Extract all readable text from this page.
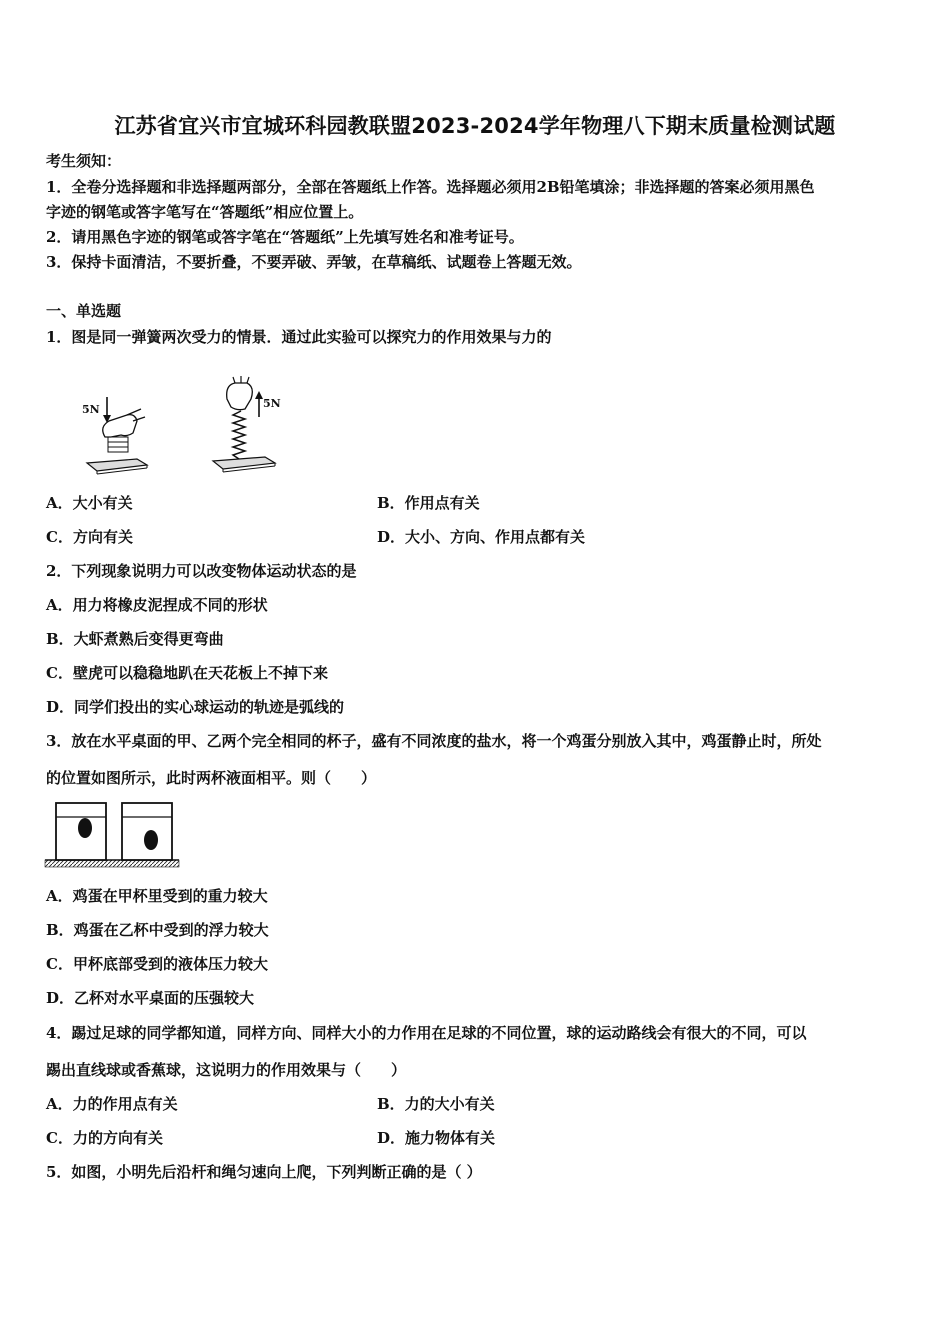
江苏省宜兴市宜城环科园教联盟2023-2024学年物理八下期末质量检测试题
考生须知：
1．全卷分选择题和非选择题两部分，全部在答题纸上作答。选择题必须用2B铅笔填涂；非选择题的答案必须用黑色
字迹的钢笔或答字笔写在“答题纸”相应位置上。
2．请用黑色字迹的钢笔或答字笔在“答题纸”上先填写姓名和准考证号。
3．保持卡面清洁，不要折叠，不要弄破、弄皱，在草稿纸、试题卷上答题无效。
一、单选题
1．图是同一弹簧两次受力的情景．通过此实验可以探究力的作用效果与力的
5N	5N
A．大小有关	B．作用点有关
C．方向有关	D．大小、方向、作用点都有关
2．下列现象说明力可以改变物体运动状态的是
A．用力将橡皮泥捏成不同的形状
B．大虾煮熟后变得更弯曲
C．壁虎可以稳稳地趴在天花板上不掉下来
D．同学们投出的实心球运动的轨迹是弧线的
3．放在水平桌面的甲、乙两个完全相同的杯子，盛有不同浓度的盐水，将一个鸡蛋分别放入其中，鸡蛋静止时，所处
的位置如图所示，此时两杯液面相平。则（　　）
A．鸡蛋在甲杯里受到的重力较大
B．鸡蛋在乙杯中受到的浮力较大
C．甲杯底部受到的液体压力较大
D．乙杯对水平桌面的压强较大
4．踢过足球的同学都知道，同样方向、同样大小的力作用在足球的不同位置，球的运动路线会有很大的不同，可以
踢出直线球或香蕉球，这说明力的作用效果与（　　）
A．力的作用点有关	B．力的大小有关
C．力的方向有关	D．施力物体有关
5．如图，小明先后沿杆和绳匀速向上爬，下列判断正确的是（ ）
